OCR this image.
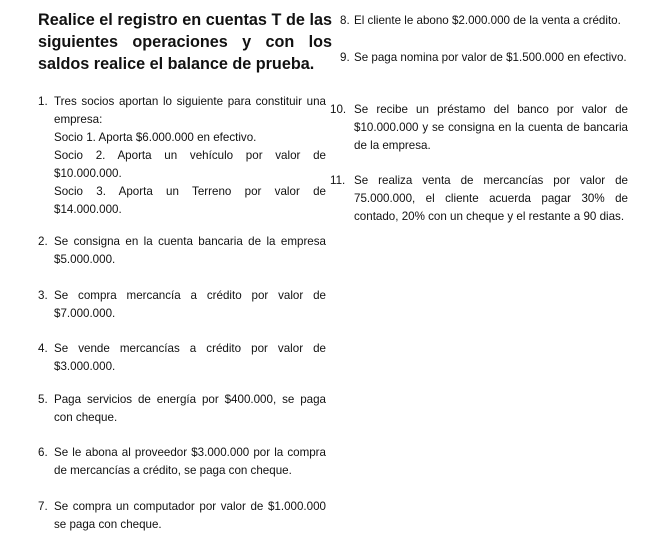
Realice el registro en cuentas T de las siguientes operaciones y con los saldos realice el balance de prueba.
1. Tres socios aportan lo siguiente para constituir una empresa:
Socio 1. Aporta $6.000.000 en efectivo.
Socio 2. Aporta un vehículo por valor de $10.000.000.
Socio 3. Aporta un Terreno por valor de $14.000.000.
2. Se consigna en la cuenta bancaria de la empresa $5.000.000.
3. Se compra mercancía a crédito por valor de $7.000.000.
4. Se vende mercancías a crédito por valor de $3.000.000.
5. Paga servicios de energía por $400.000, se paga con cheque.
6. Se le abona al proveedor $3.000.000 por la compra de mercancías a crédito, se paga con cheque.
7. Se compra un computador por valor de $1.000.000 se paga con cheque.
8. El cliente le abono $2.000.000 de la venta a crédito.
9. Se paga nomina por valor de $1.500.000 en efectivo.
10. Se recibe un préstamo del banco por valor de $10.000.000 y se consigna en la cuenta de bancaria de la empresa.
11. Se realiza venta de mercancías por valor de 75.000.000, el cliente acuerda pagar 30% de contado, 20% con un cheque y el restante a 90 dias.
